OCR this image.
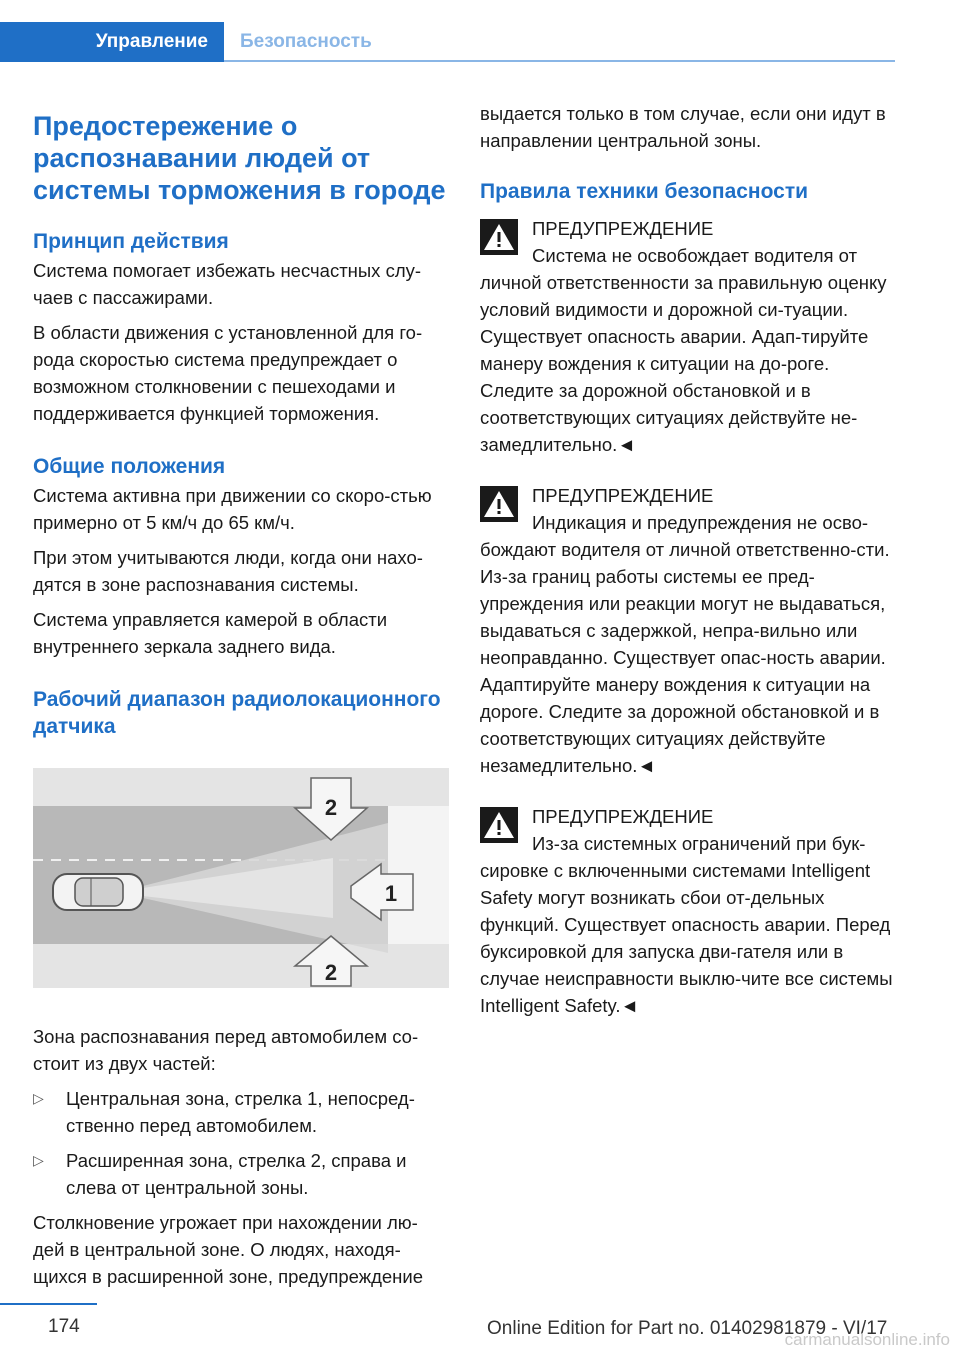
Управление	Безопасность
Предостережение о распознавании людей от системы торможения в городе
Принцип действия

Система помогает избежать несчастных слу-чаев с пассажирами.

В области движения с установленной для го-рода скоростью система предупреждает о возможном столкновении с пешеходами и поддерживается функцией торможения.

Общие положения

Система активна при движении со скоро-стью примерно от 5 км/ч до 65 км/ч.

При этом учитываются люди, когда они нахо-дятся в зоне распознавания системы.

Система управляется камерой в области внутреннего зеркала заднего вида.

Рабочий диапазон радиолокационного датчика
2
1
2

Зона распознавания перед автомобилем со-стоит из двух частей:

▷ Центральная зона, стрелка 1, непосред-ственно перед автомобилем.
▷ Расширенная зона, стрелка 2, справа и слева от центральной зоны.

Столкновение угрожает при нахождении лю-дей в центральной зоне. О людях, находя-щихся в расширенной зоне, предупреждение

выдается только в том случае, если они идут в направлении центральной зоны.

Правила техники безопасности
ПРЕДУПРЕЖДЕНИЕ
Система не освобождает водителя от
личной ответственности за правильную оценку условий видимости и дорожной си-туации. Существует опасность аварии. Адап-тируйте манеру вождения к ситуации на до-роге. Следите за дорожной обстановкой и в соответствующих ситуациях действуйте не-замедлительно.◄
ПРЕДУПРЕЖДЕНИЕ
Индикация и предупреждения не осво-
бождают водителя от личной ответственно-сти. Из-за границ работы системы ее пред-упреждения или реакции могут не выдаваться, выдаваться с задержкой, непра-вильно или неоправданно. Существует опас-ность аварии. Адаптируйте манеру вождения к ситуации на дороге. Следите за дорожной обстановкой и в соответствующих ситуациях действуйте незамедлительно.◄
ПРЕДУПРЕЖДЕНИЕ
Из-за системных ограничений при бук-
сировке с включенными системами Intelligent Safety могут возникать сбои от-дельных функций. Существует опасность аварии. Перед буксировкой для запуска дви-гателя или в случае неисправности выклю-чите все системы Intelligent Safety.◄
174	Online Edition for Part no. 01402981879 - VI/17
carmanualsonline.info
